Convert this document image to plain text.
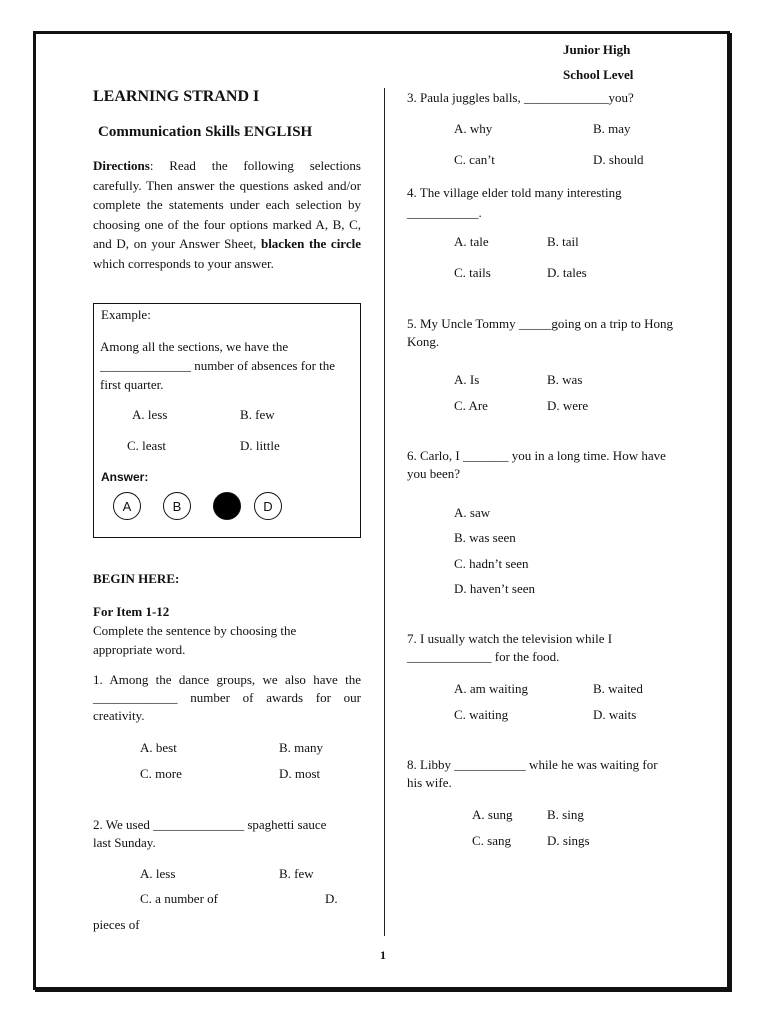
Junior High
School Level
LEARNING STRAND I
Communication Skills ENGLISH
Directions: Read the following selections carefully. Then answer the questions asked and/or complete the statements under each selection by choosing one of the four options marked A, B, C, and D, on your Answer Sheet, blacken the circle which corresponds to your answer.
Example:
Among all the sections, we have the ______________ number of absences for the first quarter.
A. less	B. few
C. least	D. little
Answer:
A	B	D
BEGIN HERE:
For Item 1-12
Complete the sentence by choosing the appropriate word.
1. Among the dance groups, we also have the _____________ number of awards for our creativity.
A. best	B. many
C. more	D. most
2. We used ______________ spaghetti sauce last Sunday.
A. less	B. few
C. a number of	D.
pieces of
3. Paula juggles balls, _____________you?
A. why	B. may
C. can’t	D. should
4. The village elder told many interesting ___________.
A. tale	B. tail
C. tails	D. tales
5. My Uncle Tommy _____going on a trip to Hong Kong.
A. Is	B. was
C. Are	D. were
6. Carlo, I _______ you in a long time. How have you been?
A. saw
B. was seen
C. hadn’t seen
D. haven’t seen
7. I usually watch the television while I _____________ for the food.
A. am waiting	B. waited
C. waiting	D. waits
8. Libby ___________ while he was waiting for his wife.
A. sung	B. sing
C. sang	D. sings
1
